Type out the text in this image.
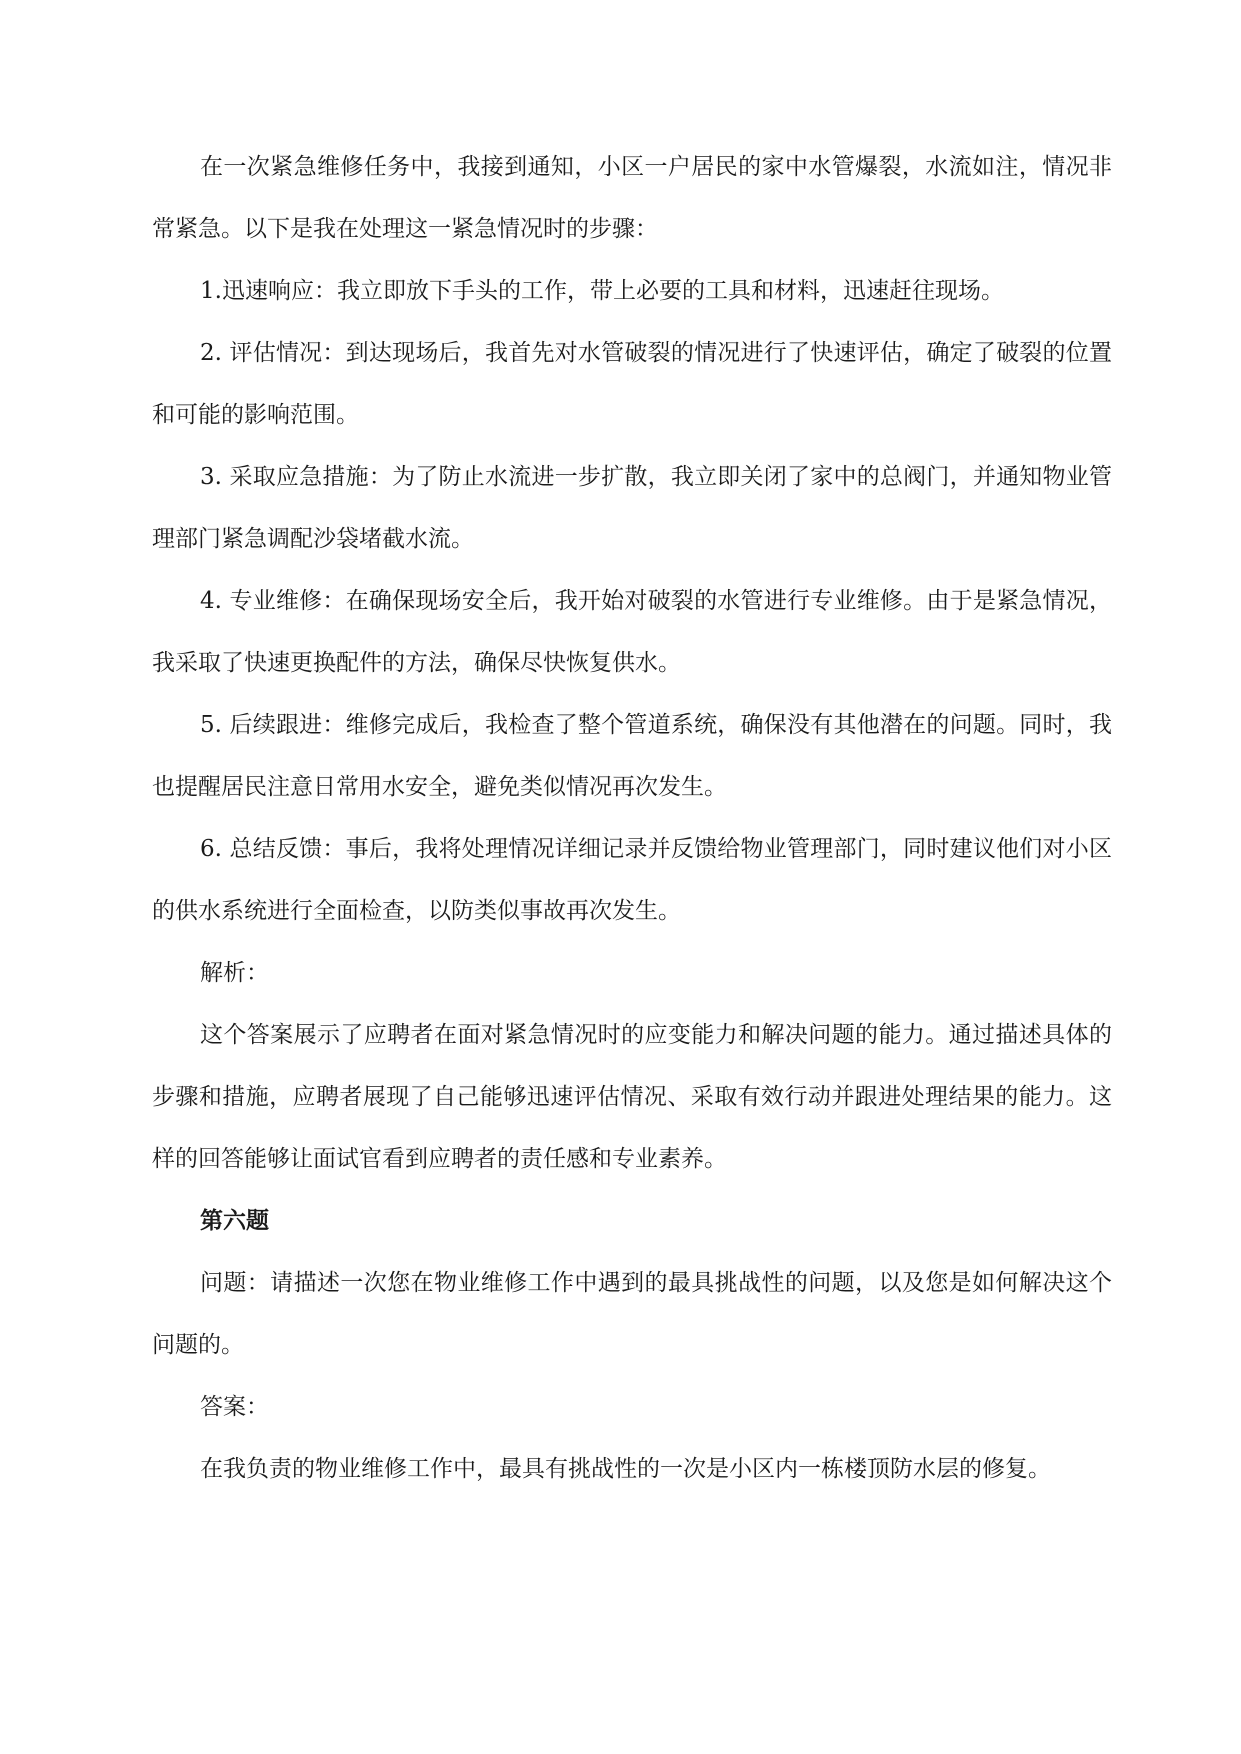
在一次紧急维修任务中，我接到通知，小区一户居民的家中水管爆裂，水流如注，情况非常紧急。以下是我在处理这一紧急情况时的步骤：

1.迅速响应：我立即放下手头的工作，带上必要的工具和材料，迅速赶往现场。

2. 评估情况：到达现场后，我首先对水管破裂的情况进行了快速评估，确定了破裂的位置和可能的影响范围。

3. 采取应急措施：为了防止水流进一步扩散，我立即关闭了家中的总阀门，并通知物业管理部门紧急调配沙袋堵截水流。

4. 专业维修：在确保现场安全后，我开始对破裂的水管进行专业维修。由于是紧急情况，我采取了快速更换配件的方法，确保尽快恢复供水。

5. 后续跟进：维修完成后，我检查了整个管道系统，确保没有其他潜在的问题。同时，我也提醒居民注意日常用水安全，避免类似情况再次发生。

6. 总结反馈：事后，我将处理情况详细记录并反馈给物业管理部门，同时建议他们对小区的供水系统进行全面检查，以防类似事故再次发生。

解析：

这个答案展示了应聘者在面对紧急情况时的应变能力和解决问题的能力。通过描述具体的步骤和措施，应聘者展现了自己能够迅速评估情况、采取有效行动并跟进处理结果的能力。这样的回答能够让面试官看到应聘者的责任感和专业素养。

第六题

问题：请描述一次您在物业维修工作中遇到的最具挑战性的问题，以及您是如何解决这个问题的。

答案：

在我负责的物业维修工作中，最具有挑战性的一次是小区内一栋楼顶防水层的修复。
